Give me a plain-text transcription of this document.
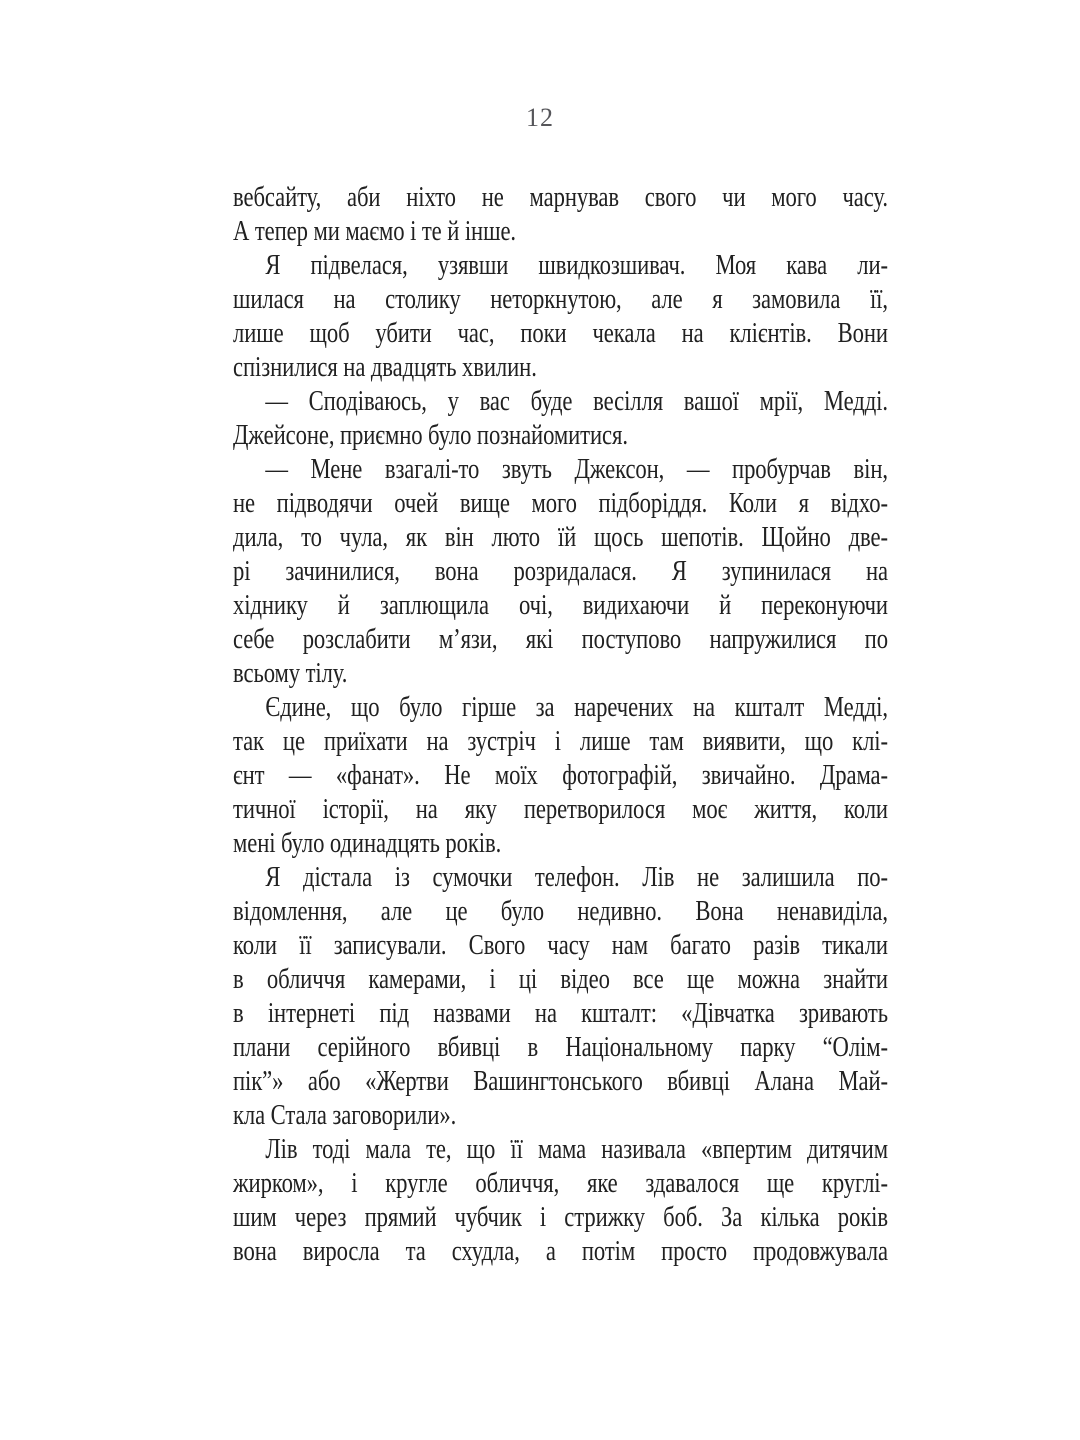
12
вебсайту, аби ніхто не марнував свого чи мого часу.
А тепер ми маємо і те й інше.
Я підвелася, узявши швидкозшивач. Моя кава ли-
шилася на столику неторкнутою, але я замовила її,
лише щоб убити час, поки чекала на клієнтів. Вони
спізнилися на двадцять хвилин.
— Сподіваюсь, у вас буде весілля вашої мрії, Медді.
Джейсоне, приємно було познайомитися.
— Мене взагалі-то звуть Джексон, — пробурчав він,
не підводячи очей вище мого підборіддя. Коли я відхо-
дила, то чула, як він люто їй щось шепотів. Щойно две-
рі зачинилися, вона розридалася. Я зупинилася на
хіднику й заплющила очі, видихаючи й переконуючи
себе розслабити м’язи, які поступово напружилися по
всьому тілу.
Єдине, що було гірше за наречених на кшталт Медді,
так це приїхати на зустріч і лише там виявити, що клі-
єнт — «фанат». Не моїх фотографій, звичайно. Драма-
тичної історії, на яку перетворилося моє життя, коли
мені було одинадцять років.
Я дістала із сумочки телефон. Лів не залишила по-
відомлення, але це було недивно. Вона ненавиділа,
коли її записували. Свого часу нам багато разів тикали
в обличчя камерами, і ці відео все ще можна знайти
в інтернеті під назвами на кшталт: «Дівчатка зривають
плани серійного вбивці в Національному парку “Олім-
пік”» або «Жертви Вашингтонського вбивці Алана Май-
кла Стала заговорили».
Лів тоді мала те, що її мама називала «впертим дитячим
жирком», і кругле обличчя, яке здавалося ще круглі-
шим через прямий чубчик і стрижку боб. За кілька років
вона виросла та схудла, а потім просто продовжувала
